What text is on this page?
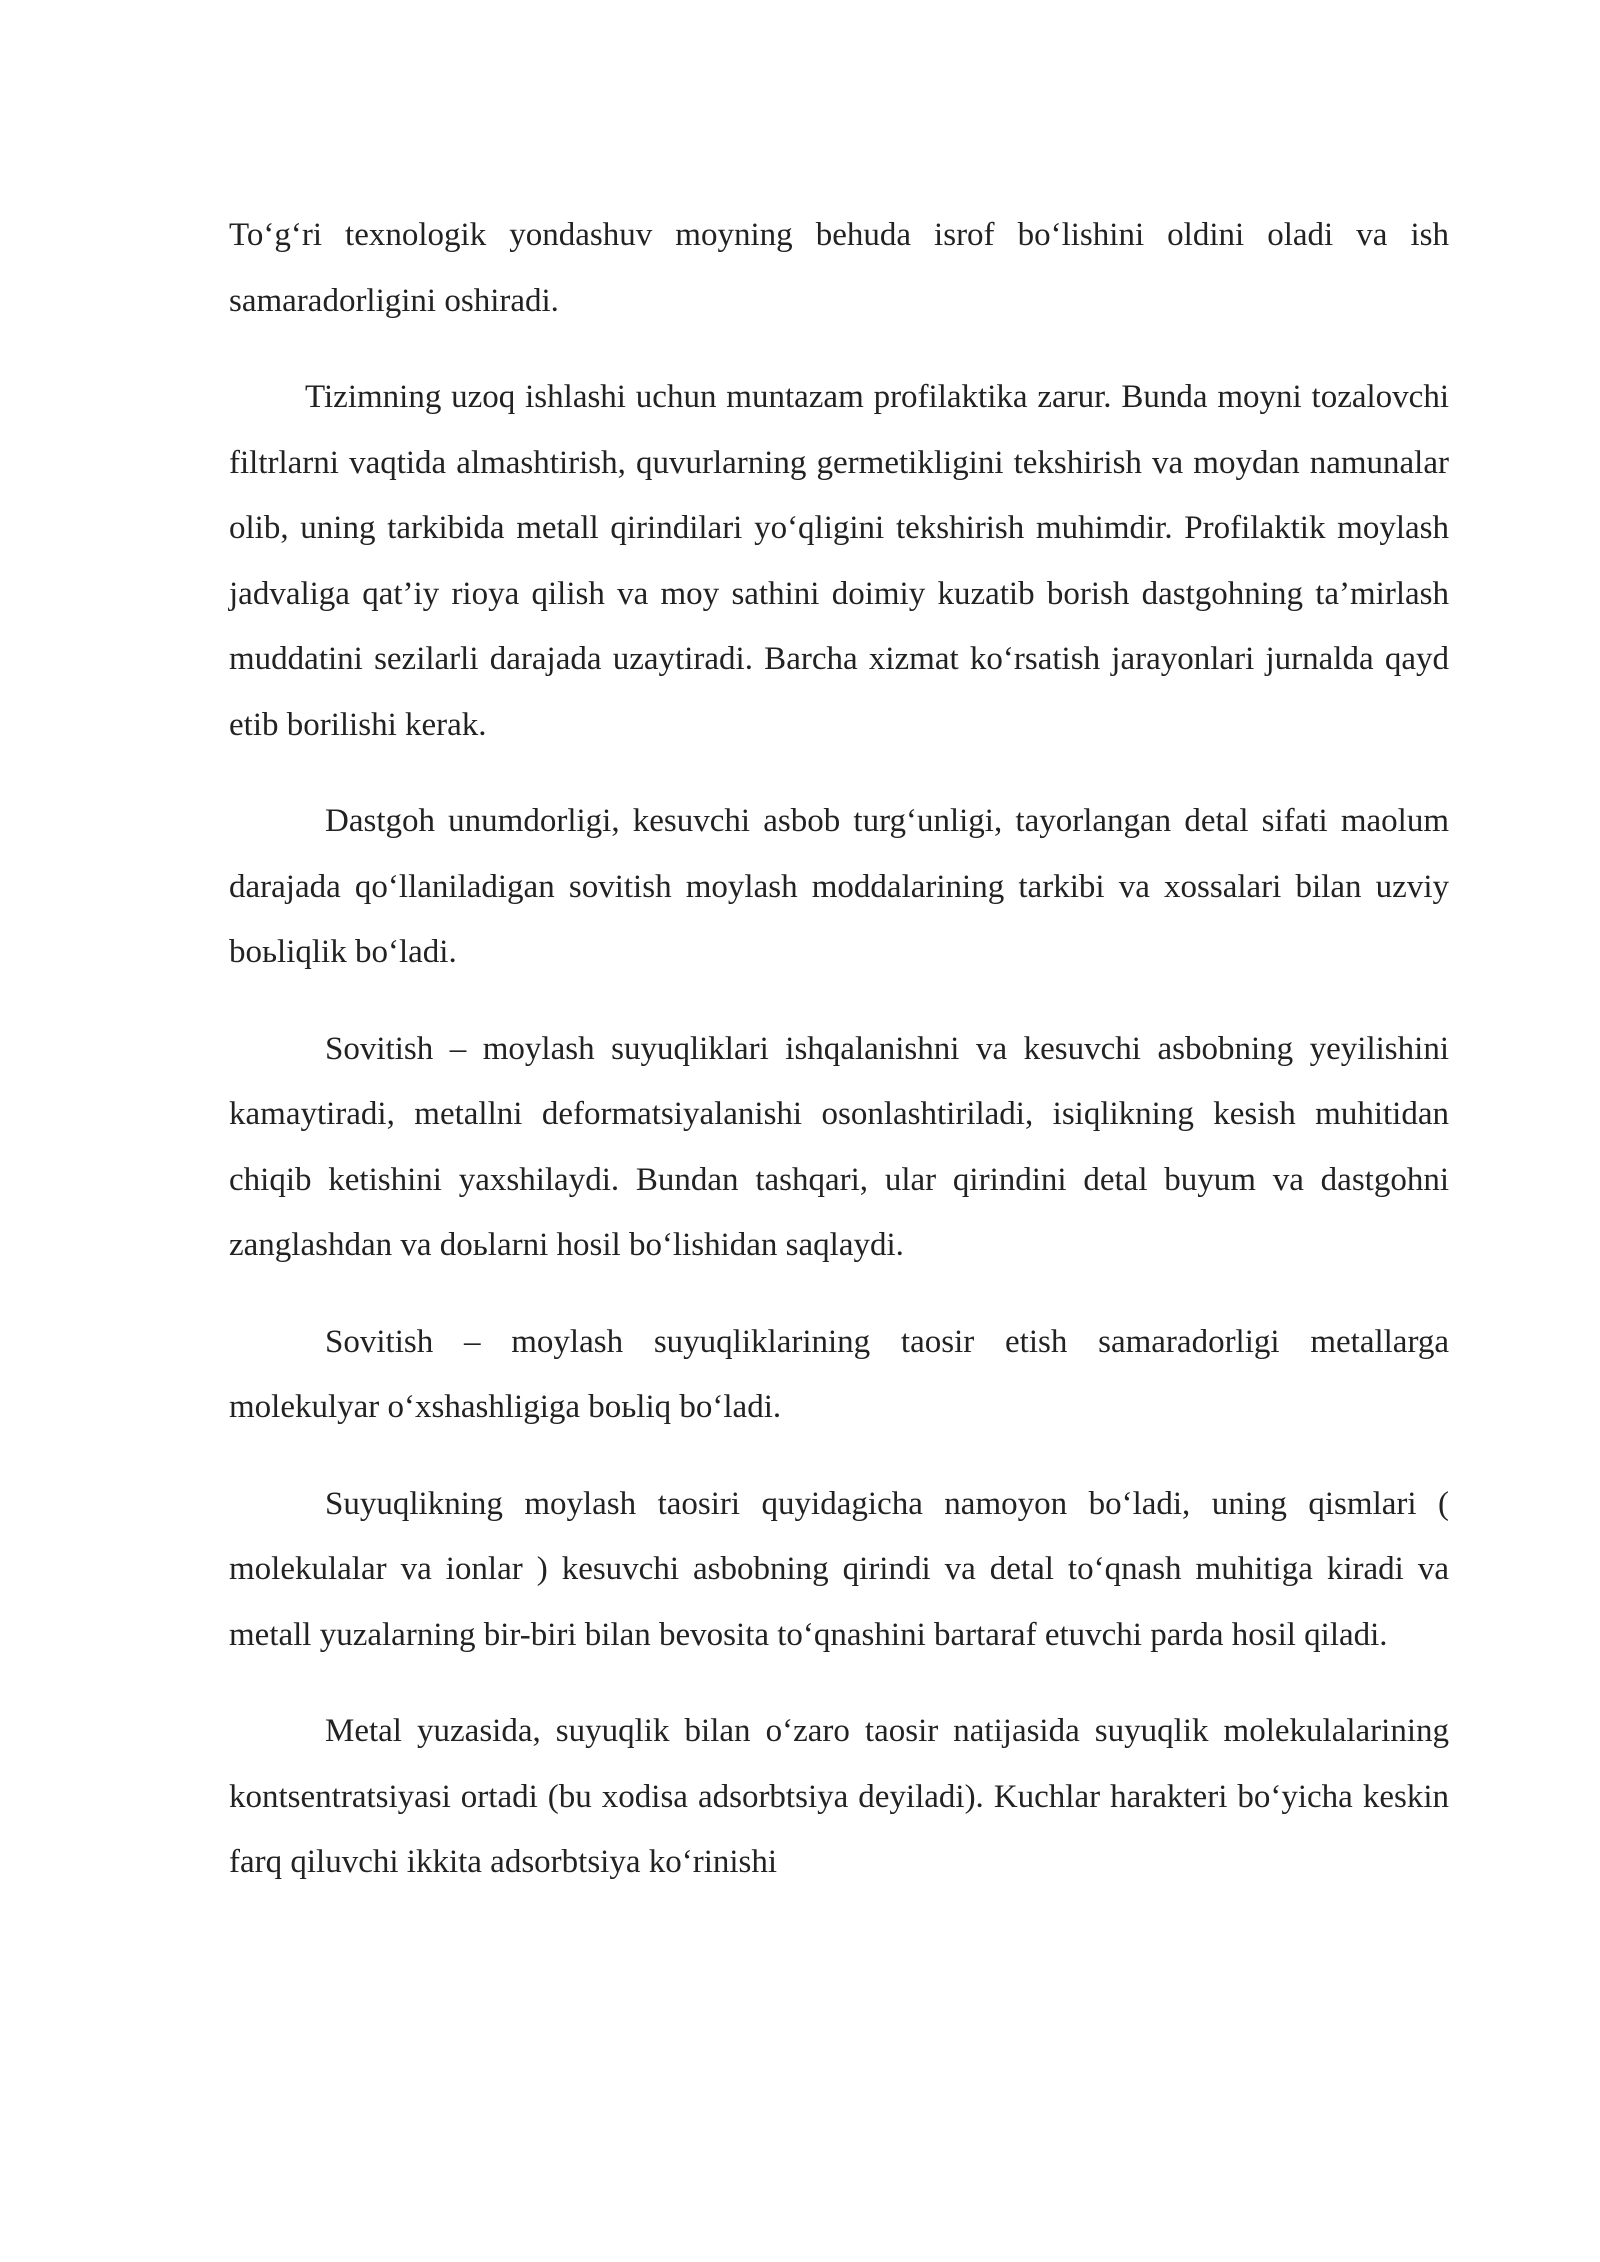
To‘g‘ri texnologik yondashuv moyning behuda isrof bo‘lishini oldini oladi va ish samaradorligini oshiradi.

Tizimning uzoq ishlashi uchun muntazam profilaktika zarur. Bunda moyni tozalovchi filtrlarni vaqtida almashtirish, quvurlarning germetikligini tekshirish va moydan namunalar olib, uning tarkibida metall qirindilari yo‘qligini tekshirish muhimdir. Profilaktik moylash jadvaliga qat’iy rioya qilish va moy sathini doimiy kuzatib borish dastgohning ta’mirlash muddatini sezilarli darajada uzaytiradi. Barcha xizmat ko‘rsatish jarayonlari jurnalda qayd etib borilishi kerak.

Dastgoh unumdorligi, kesuvchi asbob turg‘unligi, tayorlangan detal sifati maolum darajada qo‘llaniladigan sovitish moylash moddalarining tarkibi va xossalari bilan uzviy boьliqlik bo‘ladi.

Sovitish – moylash suyuqliklari ishqalanishni va kesuvchi asbobning yeyilishini kamaytiradi, metallni deformatsiyalanishi osonlashtiriladi, isiqlikning kesish muhitidan chiqib ketishini yaxshilaydi. Bundan tashqari, ular qirindini detal buyum va dastgohni zanglashdan va doьlarni hosil bo‘lishidan saqlaydi.

Sovitish – moylash suyuqliklarining taosir etish samaradorligi metallarga molekulyar o‘xshashligiga boьliq bo‘ladi.

Suyuqlikning moylash taosiri quyidagicha namoyon bo‘ladi, uning qismlari ( molekulalar va ionlar ) kesuvchi asbobning qirindi va detal to‘qnash muhitiga kiradi va metall yuzalarning bir-biri bilan bevosita to‘qnashini bartaraf etuvchi parda hosil qiladi.

Metal yuzasida, suyuqlik bilan o‘zaro taosir natijasida suyuqlik molekulalarining kontsentratsiyasi ortadi (bu xodisa adsorbtsiya deyiladi). Kuchlar harakteri bo‘yicha keskin farq qiluvchi ikkita adsorbtsiya ko‘rinishi
